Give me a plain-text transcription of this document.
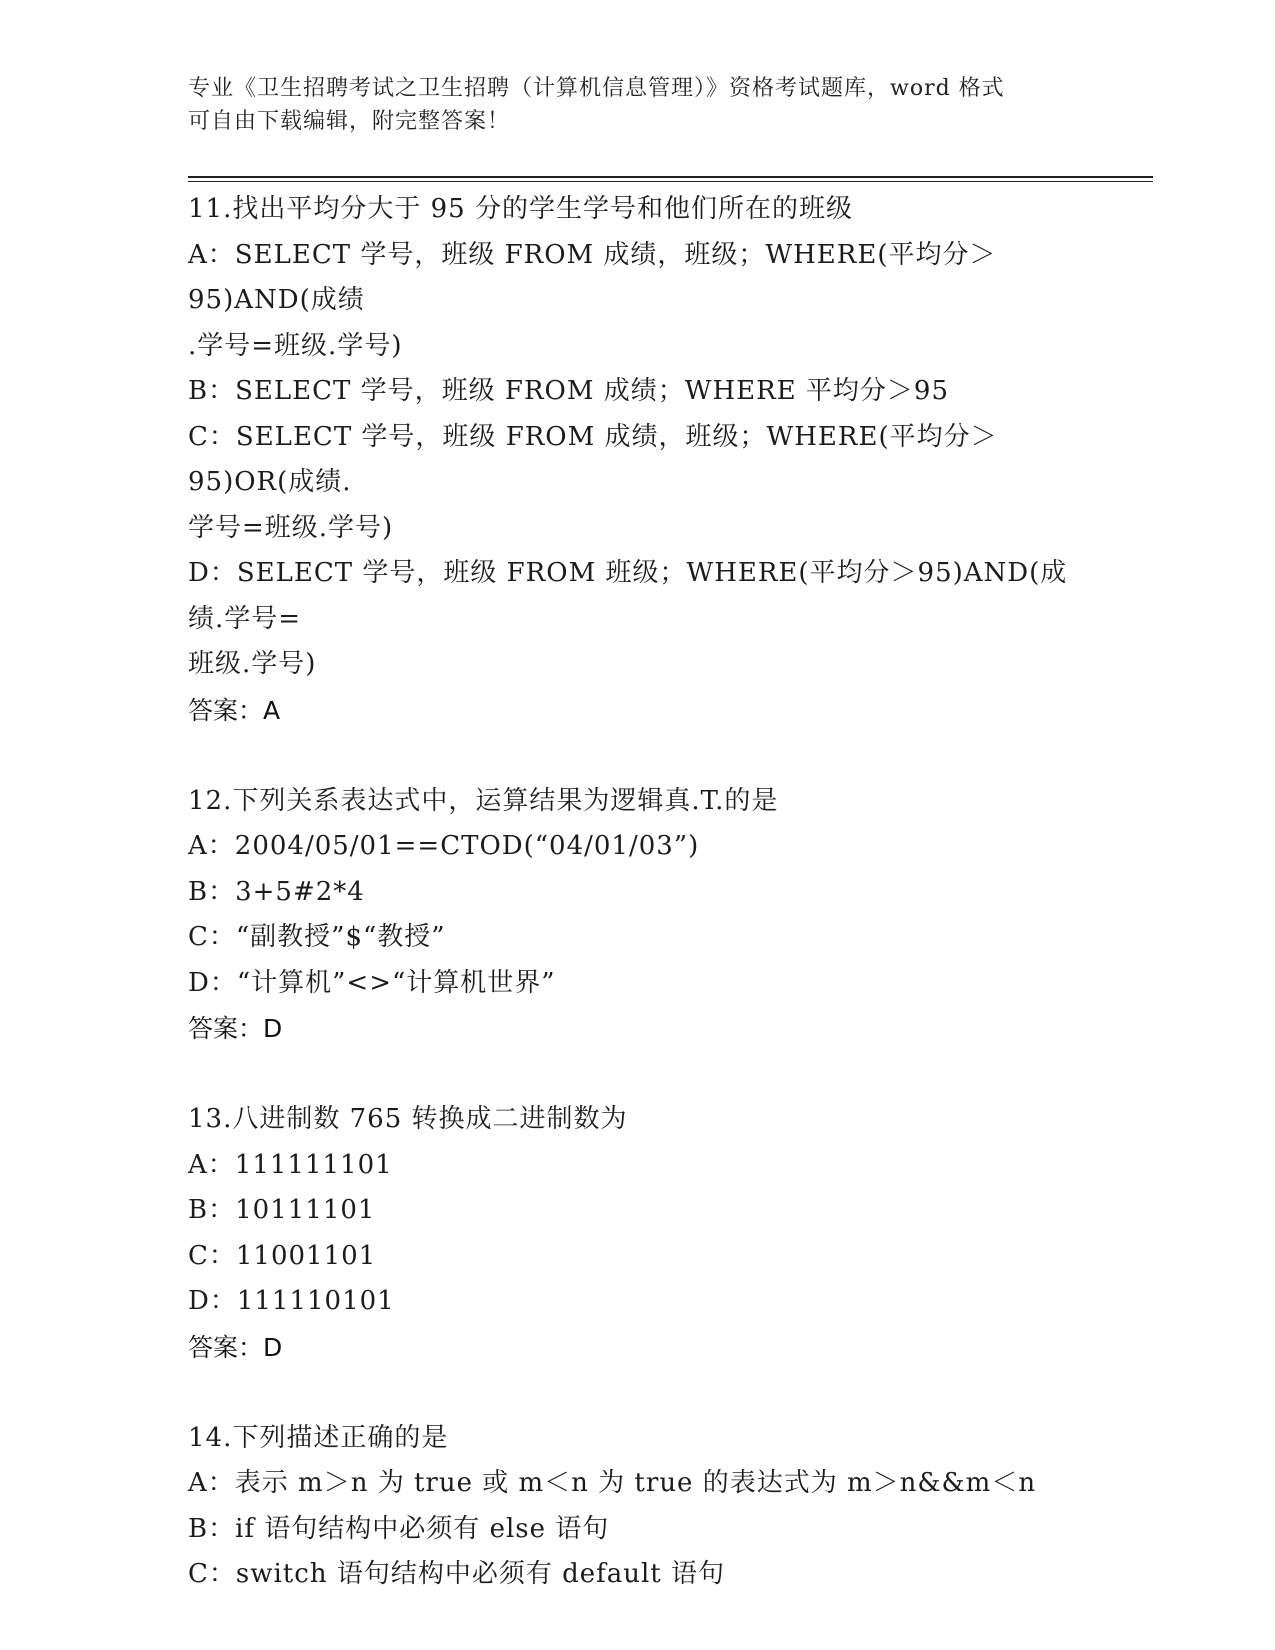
专业《卫生招聘考试之卫生招聘（计算机信息管理）》资格考试题库，word 格式
可自由下载编辑，附完整答案！
11.找出平均分大于 95 分的学生学号和他们所在的班级
A：SELECT 学号，班级 FROM 成绩，班级；WHERE(平均分＞95)AND(成绩
.学号=班级.学号)
B：SELECT 学号，班级 FROM 成绩；WHERE 平均分＞95
C：SELECT 学号，班级 FROM 成绩，班级；WHERE(平均分＞95)OR(成绩.
学号=班级.学号)
D：SELECT 学号，班级 FROM 班级；WHERE(平均分＞95)AND(成绩.学号=
班级.学号)
答案：A
12.下列关系表达式中，运算结果为逻辑真.T.的是
A：2004/05/01==CTOD(“04/01/03”)
B：3+5#2*4
C：“副教授”$“教授”
D：“计算机”<>“计算机世界”
答案：D
13.八进制数 765 转换成二进制数为
A：111111101
B：10111101
C：11001101
D：111110101
答案：D
14.下列描述正确的是
A：表示 m＞n 为 true 或 m＜n 为 true 的表达式为 m＞n&&m＜n
B：if 语句结构中必须有 else 语句
C：switch 语句结构中必须有 default 语句
